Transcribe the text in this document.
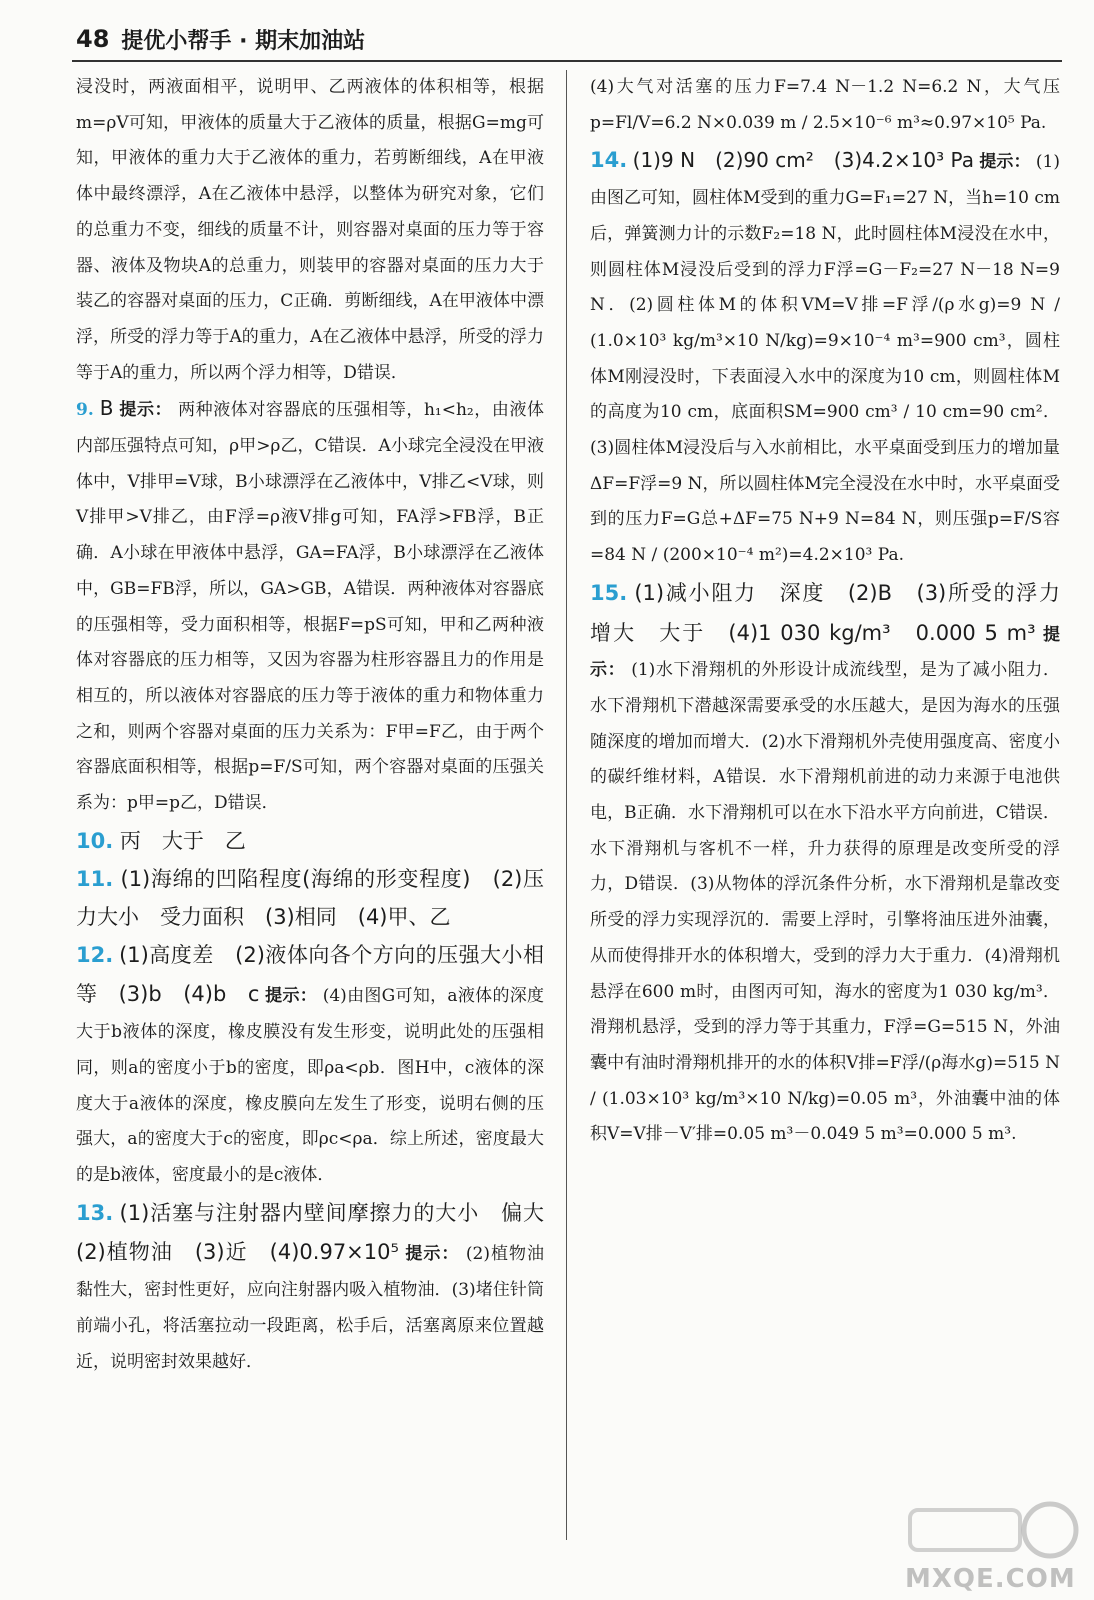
48 提优小帮手 · 期末加油站

浸没时，两液面相平，说明甲、乙两液体的体积相等，根据m=ρV可知，甲液体的质量大于乙液体的质量，根据G=mg可知，甲液体的重力大于乙液体的重力，若剪断细线，A在甲液体中最终漂浮，A在乙液体中悬浮，以整体为研究对象，它们的总重力不变，细线的质量不计，则容器对桌面的压力等于容器、液体及物块A的总重力，则装甲的容器对桌面的压力大于装乙的容器对桌面的压力，C正确．剪断细线，A在甲液体中漂浮，所受的浮力等于A的重力，A在乙液体中悬浮，所受的浮力等于A的重力，所以两个浮力相等，D错误．

9. B 提示： 两种液体对容器底的压强相等，h₁<h₂，由液体内部压强特点可知，ρ甲>ρ乙，C错误．A小球完全浸没在甲液体中，V排甲=V球，B小球漂浮在乙液体中，V排乙<V球，则V排甲>V排乙，由F浮=ρ液V排g可知，FA浮>FB浮，B正确．A小球在甲液体中悬浮，GA=FA浮，B小球漂浮在乙液体中，GB=FB浮，所以，GA>GB，A错误．两种液体对容器底的压强相等，受力面积相等，根据F=pS可知，甲和乙两种液体对容器底的压力相等，又因为容器为柱形容器且力的作用是相互的，所以液体对容器底的压力等于液体的重力和物体重力之和，则两个容器对桌面的压力关系为：F甲=F乙，由于两个容器底面积相等，根据p=F/S可知，两个容器对桌面的压强关系为：p甲=p乙，D错误．

10. 丙　大于　乙

11. (1)海绵的凹陷程度(海绵的形变程度)　(2)压力大小　受力面积　(3)相同　(4)甲、乙

12. (1)高度差　(2)液体向各个方向的压强大小相等　(3)b　(4)b　c 提示： (4)由图G可知，a液体的深度大于b液体的深度，橡皮膜没有发生形变，说明此处的压强相同，则a的密度小于b的密度，即ρa<ρb．图H中，c液体的深度大于a液体的深度，橡皮膜向左发生了形变，说明右侧的压强大，a的密度大于c的密度，即ρc<ρa．综上所述，密度最大的是b液体，密度最小的是c液体．

13. (1)活塞与注射器内壁间摩擦力的大小　偏大　(2)植物油　(3)近　(4)0.97×10⁵ 提示： (2)植物油黏性大，密封性更好，应向注射器内吸入植物油．(3)堵住针筒前端小孔，将活塞拉动一段距离，松手后，活塞离原来位置越近，说明密封效果越好．

(4)大气对活塞的压力F=7.4 N－1.2 N=6.2 N，大气压p=Fl/V=6.2 N×0.039 m / 2.5×10⁻⁶ m³≈0.97×10⁵ Pa.

14. (1)9 N　(2)90 cm²　(3)4.2×10³ Pa 提示： (1)由图乙可知，圆柱体M受到的重力G=F₁=27 N，当h=10 cm后，弹簧测力计的示数F₂=18 N，此时圆柱体M浸没在水中，则圆柱体M浸没后受到的浮力F浮=G－F₂=27 N－18 N=9 N．(2)圆柱体M的体积VM=V排=F浮/(ρ水g)=9 N / (1.0×10³ kg/m³×10 N/kg)=9×10⁻⁴ m³=900 cm³，圆柱体M刚浸没时，下表面浸入水中的深度为10 cm，则圆柱体M的高度为10 cm，底面积SM=900 cm³ / 10 cm=90 cm²．(3)圆柱体M浸没后与入水前相比，水平桌面受到压力的增加量ΔF=F浮=9 N，所以圆柱体M完全浸没在水中时，水平桌面受到的压力F=G总+ΔF=75 N+9 N=84 N，则压强p=F/S容=84 N / (200×10⁻⁴ m²)=4.2×10³ Pa.

15. (1)减小阻力　深度　(2)B　(3)所受的浮力　增大　大于　(4)1 030 kg/m³　0.000 5 m³ 提示： (1)水下滑翔机的外形设计成流线型，是为了减小阻力．水下滑翔机下潜越深需要承受的水压越大，是因为海水的压强随深度的增加而增大．(2)水下滑翔机外壳使用强度高、密度小的碳纤维材料，A错误．水下滑翔机前进的动力来源于电池供电，B正确．水下滑翔机可以在水下沿水平方向前进，C错误．水下滑翔机与客机不一样，升力获得的原理是改变所受的浮力，D错误．(3)从物体的浮沉条件分析，水下滑翔机是靠改变所受的浮力实现浮沉的．需要上浮时，引擎将油压进外油囊，从而使得排开水的体积增大，受到的浮力大于重力．(4)滑翔机悬浮在600 m时，由图丙可知，海水的密度为1 030 kg/m³．滑翔机悬浮，受到的浮力等于其重力，F浮=G=515 N，外油囊中有油时滑翔机排开的水的体积V排=F浮/(ρ海水g)=515 N / (1.03×10³ kg/m³×10 N/kg)=0.05 m³，外油囊中油的体积V=V排－V′排=0.05 m³－0.049 5 m³=0.000 5 m³.

MXQE.COM
